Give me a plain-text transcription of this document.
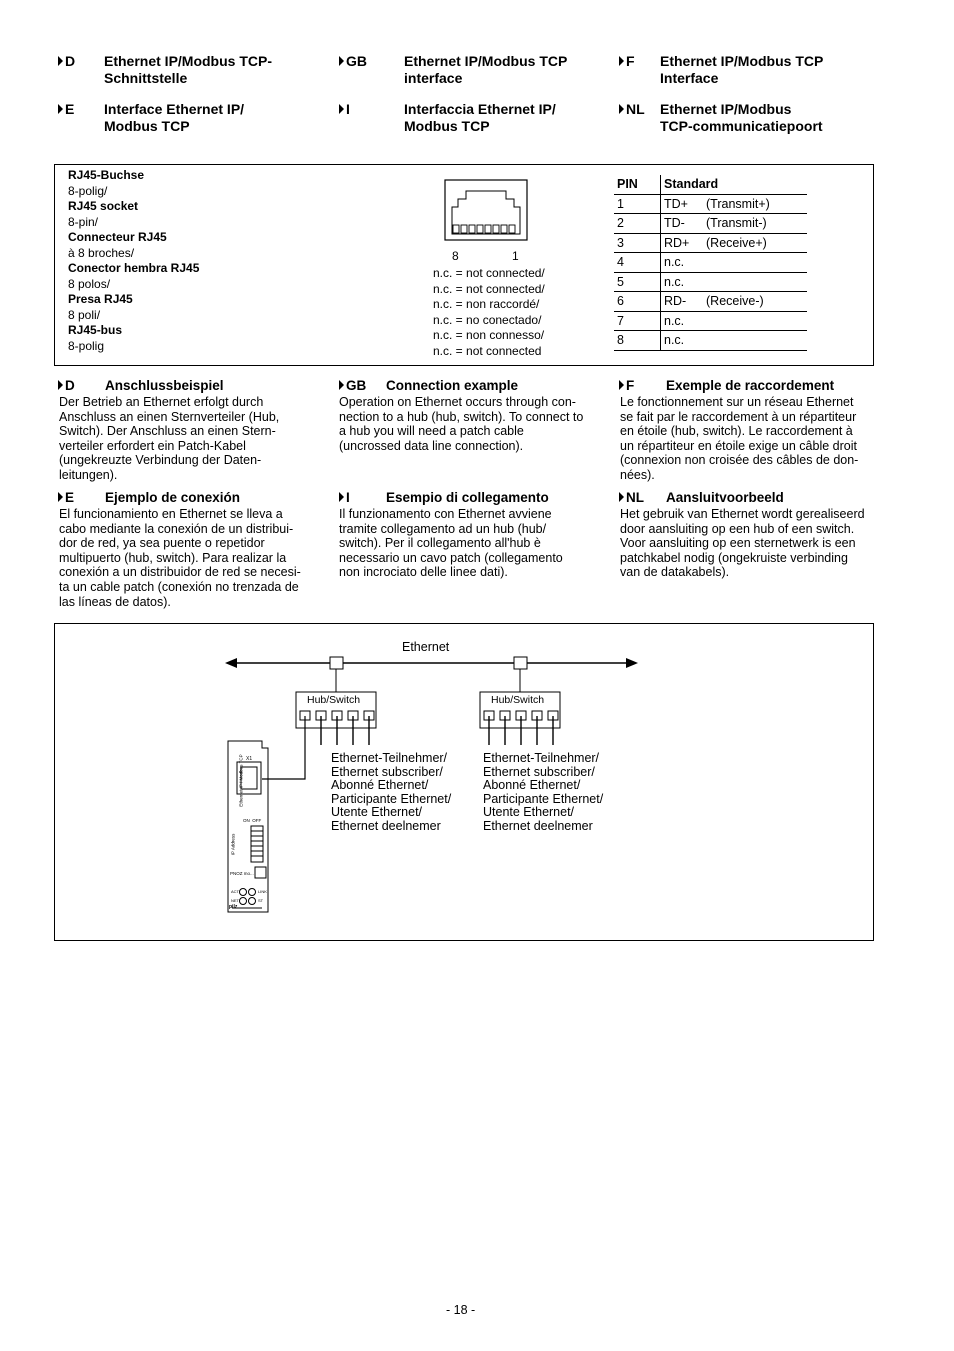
D Ethernet IP/Modbus TCP-
Schnittstelle
GB	Ethernet IP/Modbus TCP
interface
F Ethernet IP/Modbus TCP
Interface
E Interface Ethernet IP/
Modbus TCP
I	Interfaccia Ethernet IP/
Modbus TCP
NL Ethernet IP/Modbus
TCP-communicatiepoort
RJ45-Buchse
8-polig/
RJ45 socket
8-pin/
Connecteur RJ45
à 8 broches/
Conector hembra RJ45
8 polos/
Presa RJ45
8 poli/
RJ45-bus
8-polig
8	1
n.c. = not connected/
n.c. = not connected/
n.c. = non raccordé/
n.c. = no conectado/
n.c. = non connesso/
n.c. = not connected
PIN	Standard
1	TD+ (Transmit+)
2	TD- (Transmit-)
3	RD+ (Receive+)
4	n.c.
5	n.c.
6	RD- (Receive-)
7	n.c.
8	n.c.
D Anschlussbeispiel
Der Betrieb an Ethernet erfolgt durch
Anschluss an einen Sternverteiler (Hub,
Switch). Der Anschluss an einen Stern-
verteiler erfordert ein Patch-Kabel
(ungekreuzte Verbindung der Daten-
leitungen).
GB Connection example
Operation on Ethernet occurs through con-
nection to a hub (hub, switch). To connect to
a hub you will need a patch cable
(uncrossed data line connection).
F Exemple de raccordement
Le fonctionnement sur un réseau Ethernet
se fait par le raccordement à un répartiteur
en étoile (hub, switch). Le raccordement à
un répartiteur en étoile exige un câble droit
(connexion non croisée des câbles de don-
nées).
E Ejemplo de conexión
El funcionamiento en Ethernet se lleva a
cabo mediante la conexión de un distribui-
dor de red, ya sea puente o repetidor
multipuerto (hub, switch). Para realizar la
conexión a un distribuidor de red se necesi-
ta un cable patch (conexión no trenzada de
las líneas de datos).
I	Esempio di collegamento
Il funzionamento con Ethernet avviene
tramite collegamento ad un hub (hub/
switch). Per il collegamento all'hub è
necessario un cavo patch (collegamento
non incrociato delle linee dati).
NL Aansluitvoorbeeld
Het gebruik van Ethernet wordt gerealiseerd
door aansluiting op een hub of een switch.
Voor aansluiting op een sternetwerk is een
patchkabel nodig (ongekruiste verbinding
van de datakabels).
Ethernet
Hub/Switch	Hub/Switch
Ethernet-Teilnehmer/
Ethernet subscriber/
Abonné Ethernet/
Participante Ethernet/
Utente Ethernet/
Ethernet deelnemer
Ethernet-Teilnehmer/
Ethernet subscriber/
Abonné Ethernet/
Participante Ethernet/
Utente Ethernet/
Ethernet deelnemer
X1
Ethernet IP / Modbus TCP
ON  OFF
IP Address
PNOZ mo...
ACT
NET
LINK
ST
pilz
- 18 -
